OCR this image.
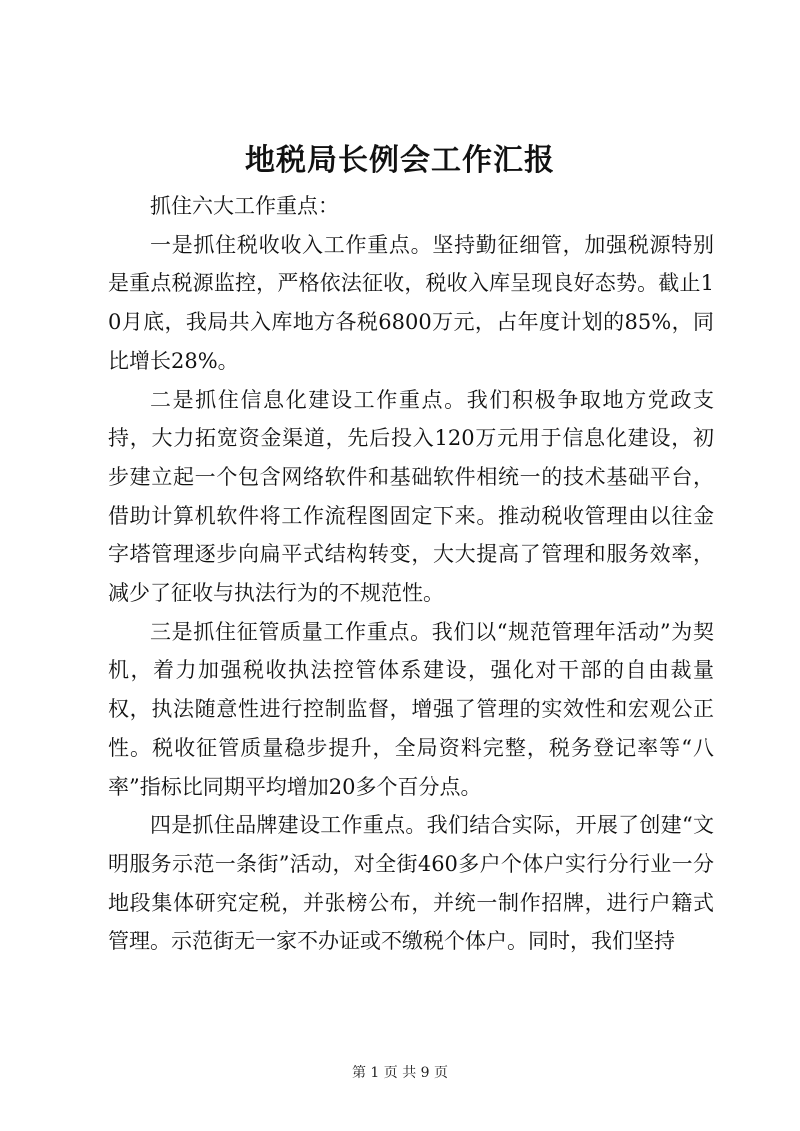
地税局长例会工作汇报

抓住六大工作重点：

一是抓住税收收入工作重点。坚持勤征细管，加强税源特别是重点税源监控，严格依法征收，税收入库呈现良好态势。截止10月底，我局共入库地方各税6800万元，占年度计划的85%，同比增长28%。

二是抓住信息化建设工作重点。我们积极争取地方党政支持，大力拓宽资金渠道，先后投入120万元用于信息化建设，初步建立起一个包含网络软件和基础软件相统一的技术基础平台，借助计算机软件将工作流程图固定下来。推动税收管理由以往金字塔管理逐步向扁平式结构转变，大大提高了管理和服务效率，减少了征收与执法行为的不规范性。

三是抓住征管质量工作重点。我们以“规范管理年活动”为契机，着力加强税收执法控管体系建设，强化对干部的自由裁量权，执法随意性进行控制监督，增强了管理的实效性和宏观公正性。税收征管质量稳步提升，全局资料完整，税务登记率等“八率”指标比同期平均增加20多个百分点。

四是抓住品牌建设工作重点。我们结合实际，开展了创建“文明服务示范一条街”活动，对全街460多户个体户实行分行业一分地段集体研究定税，并张榜公布，并统一制作招牌，进行户籍式管理。示范街无一家不办证或不缴税个体户。同时，我们坚持

第 1 页 共 9 页
